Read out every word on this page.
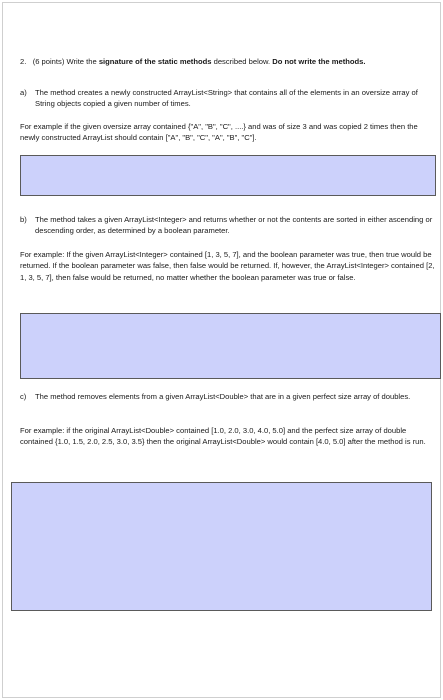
2. (6 points) Write the signature of the static methods described below. Do not write the methods.
a) The method creates a newly constructed ArrayList<String> that contains all of the elements in an oversize array of String objects copied a given number of times.
For example if the given oversize array contained {"A", "B", "C", ....} and was of size 3 and was copied 2 times then the newly constructed ArrayList should contain ["A", "B", "C", "A", "B", "C"].
b) The method takes a given ArrayList<Integer> and returns whether or not the contents are sorted in either ascending or descending order, as determined by a boolean parameter.
For example: If the given ArrayList<Integer> contained [1, 3, 5, 7], and the boolean parameter was true, then true would be returned. If the boolean parameter was false, then false would be returned. If, however, the ArrayList<Integer> contained [2, 1, 3, 5, 7], then false would be returned, no matter whether the boolean parameter was true or false.
c) The method removes elements from a given ArrayList<Double> that are in a given perfect size array of doubles.
For example: if the original ArrayList<Double> contained [1.0, 2.0, 3.0, 4.0, 5.0] and the perfect size array of double contained {1.0, 1.5, 2.0, 2.5, 3.0, 3.5} then the original ArrayList<Double> would contain [4.0, 5.0] after the method is run.
